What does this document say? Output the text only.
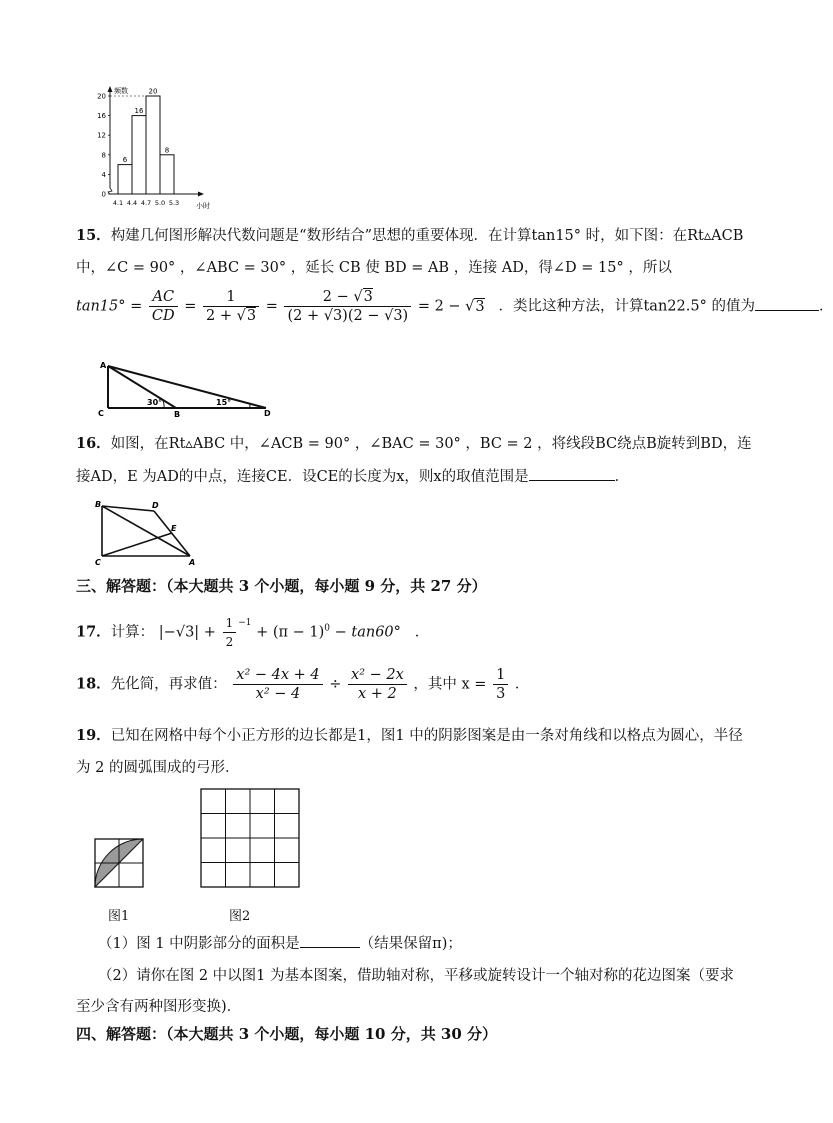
频数
小时
20
16
12
8
4
0
4.1 4.4 4.7 5.0 5.3
6
16
20
8
15．构建几何图形解决代数问题是“数形结合”思想的重要体现．在计算tan15° 时，如下图：在Rt▵ACB
中，∠C = 90° ，∠ABC = 30° ，延长 CB 使 BD = AB ，连接 AD，得∠D = 15° ，所以
$\tan 15^\circ = \frac{AC}{CD} = \frac{1}{2 + √3} = \frac{2 - √3}{(2 + √3)(2 - √3)} = 2 - √3$ ．类比这种方法，计算tan22.5° 的值为	．
A
C	B	D
30°	15°
16．如图，在Rt▵ABC 中，∠ACB = 90° ，∠BAC = 30° ，BC = 2 ，将线段BC绕点B旋转到BD，连
接AD，E 为AD的中点，连接CE．设CE的长度为x，则x的取值范围是	．
B	D
E
C	A
三、解答题：（本大题共 3 个小题，每小题 9 分，共 27 分）
17．计算： $|-√3| + \frac{1}{2} ^{-1} + (\pi - 1)^0 - \tan 60^\circ$ ．
18．先化简，再求值： $\frac{\text{x² − 4x + 4}}{\text{x² − 4}} \div \frac{\text{x² − 2x}}{x + 2}$ ，其中 $x = \frac{1}{3}$ ．
19．已知在网格中每个小正方形的边长都是1，图1 中的阴影图案是由一条对角线和以格点为圆心，半径
为 2 的圆弧围成的弓形．
图1	图2
（1）图 1 中阴影部分的面积是	（结果保留π)；
（2）请你在图 2 中以图1 为基本图案，借助轴对称，平移或旋转设计一个轴对称的花边图案（要求
至少含有两种图形变换)．
四、解答题：（本大题共 3 个小题，每小题 10 分，共 30 分）
